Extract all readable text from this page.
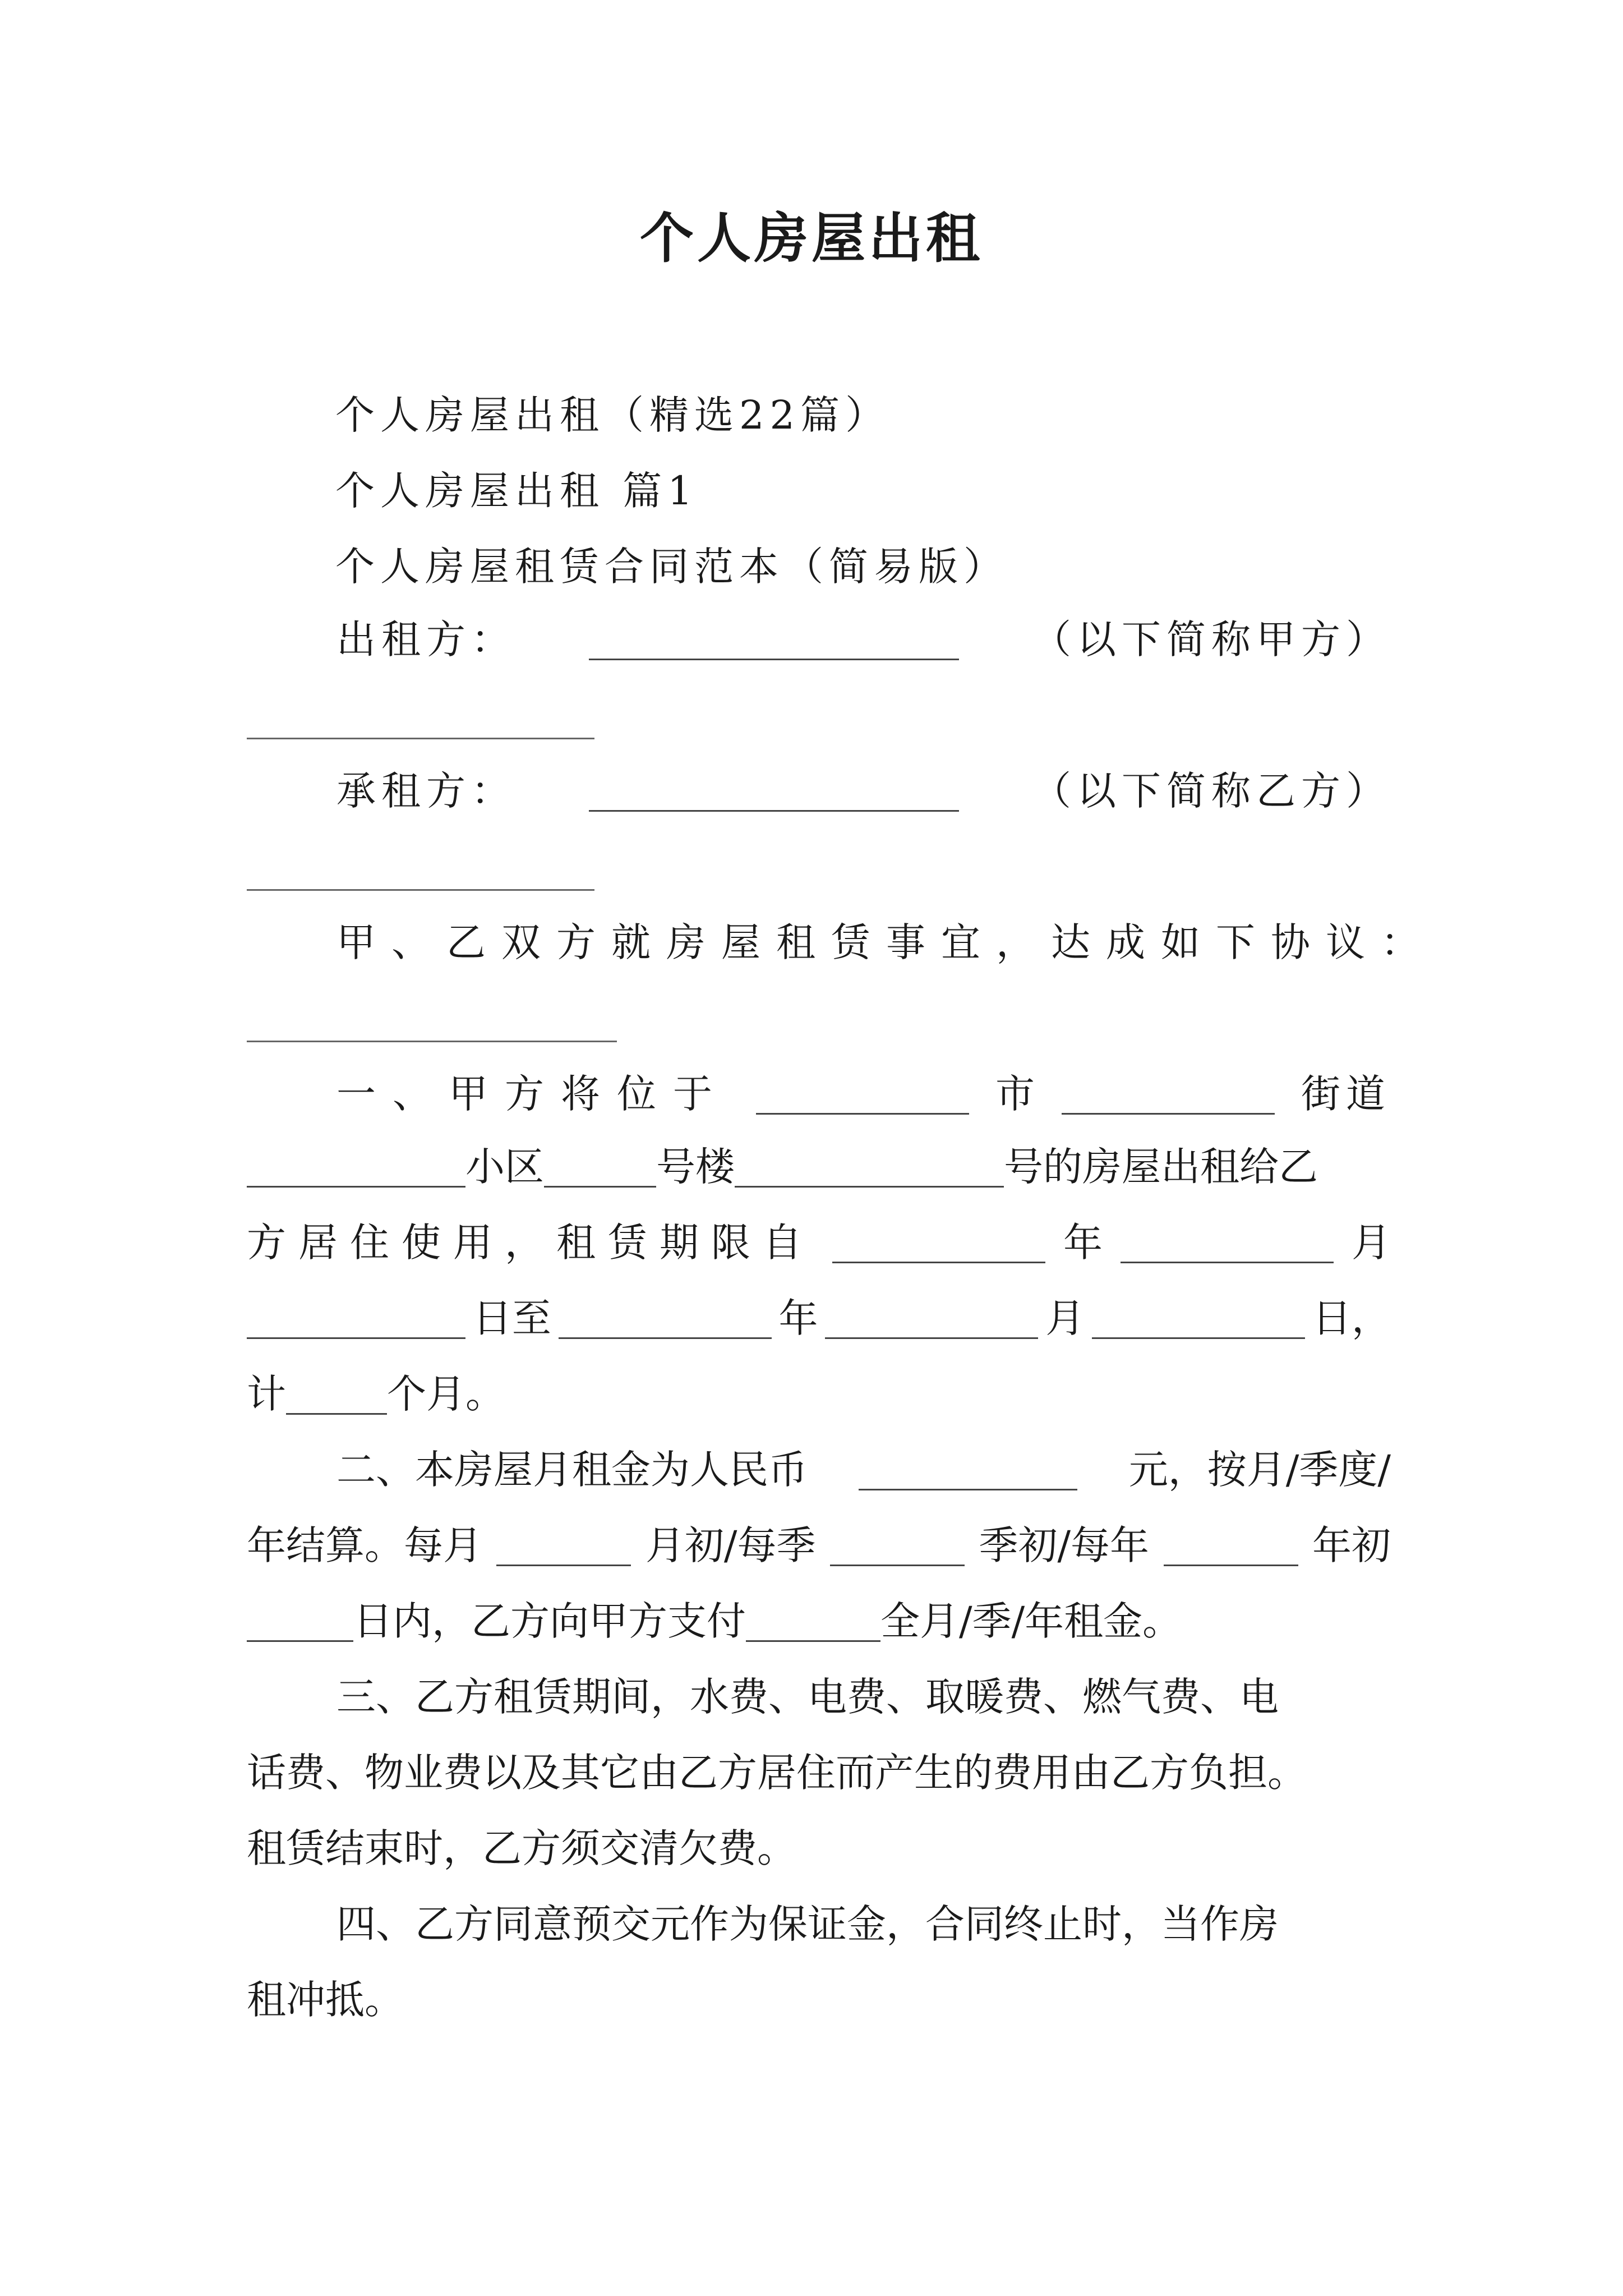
个人房屋出租
个人房屋出租（精选22篇）
个人房屋出租 篇1
个人房屋租赁合同范本（简易版）
出租方：	（以下简称甲方）
承租方：	（以下简称乙方）
甲、乙双方就房屋租赁事宜，达成如下协议：
一、甲方将位于	市	街道
小区	号楼	号的房屋出租给乙
方居住使用，租赁期限自	年	月
日至	年	月	日，
计	个月。
二、本房屋月租金为人民币	元，按月/季度/
年结算。每月	月初/每季	季初/每年	年初
日内，乙方向甲方支付	全月/季/年租金。
三、乙方租赁期间，水费、电费、取暖费、燃气费、电
话费、物业费以及其它由乙方居住而产生的费用由乙方负担。
租赁结束时，乙方须交清欠费。
四、乙方同意预交元作为保证金，合同终止时，当作房
租冲抵。
